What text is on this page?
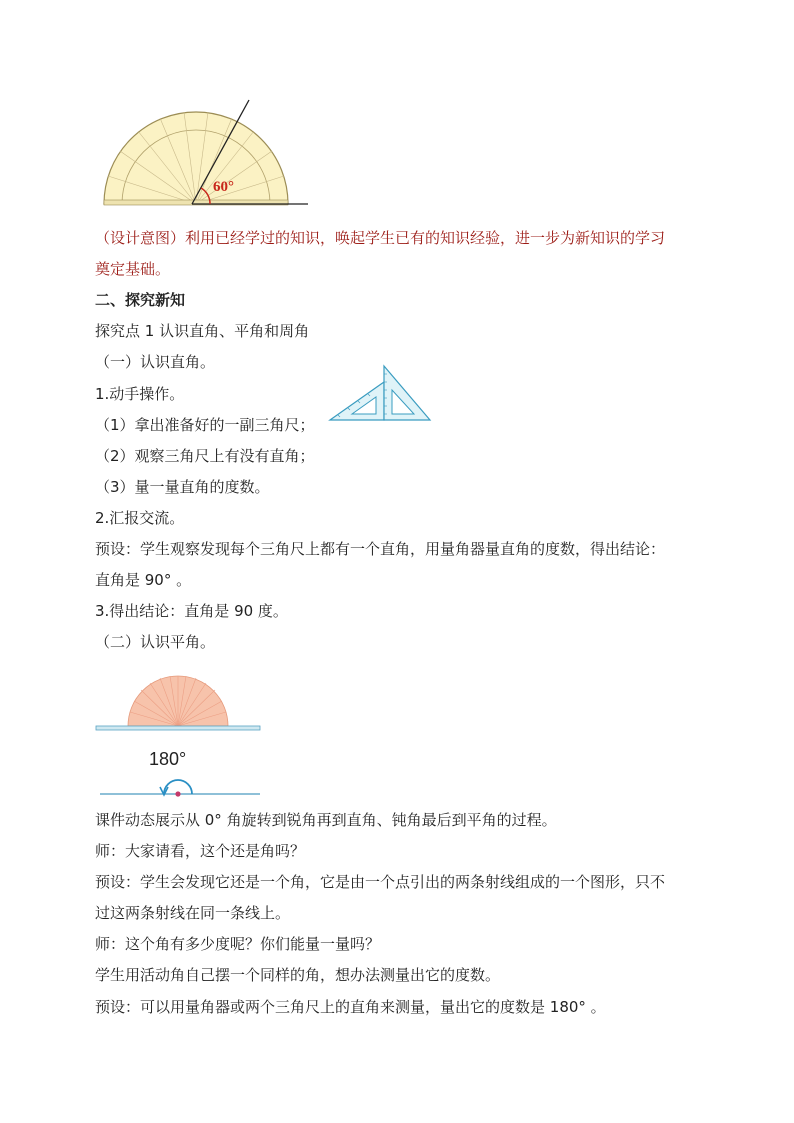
60°
（设计意图）利用已经学过的知识，唤起学生已有的知识经验，进一步为新知识的学习
奠定基础。
二、探究新知
探究点 1 认识直角、平角和周角
（一）认识直角。
1.动手操作。
（1）拿出准备好的一副三角尺；
（2）观察三角尺上有没有直角；
（3）量一量直角的度数。
2.汇报交流。
预设：学生观察发现每个三角尺上都有一个直角，用量角器量直角的度数，得出结论：
直角是 90° 。
3.得出结论：直角是 90 度。
（二）认识平角。
180°
课件动态展示从 0° 角旋转到锐角再到直角、钝角最后到平角的过程。
师：大家请看，这个还是角吗？
预设：学生会发现它还是一个角，它是由一个点引出的两条射线组成的一个图形，只不
过这两条射线在同一条线上。
师：这个角有多少度呢？你们能量一量吗？
学生用活动角自己摆一个同样的角，想办法测量出它的度数。
预设：可以用量角器或两个三角尺上的直角来测量，量出它的度数是 180° 。
